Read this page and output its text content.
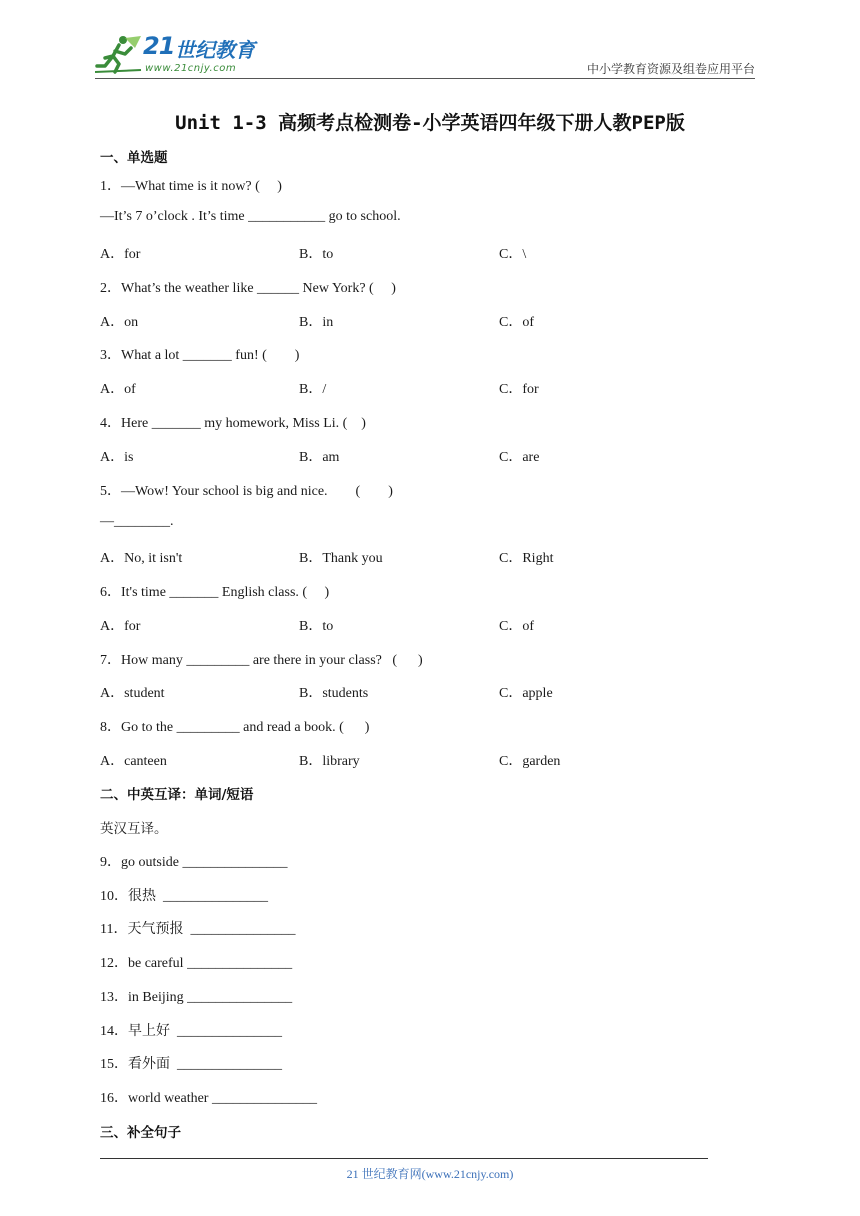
21 世纪教育
www.21cnjy.com	中小学教育资源及组卷应用平台
Unit 1-3 高频考点检测卷-小学英语四年级下册人教PEP版
一、单选题
1．—What time is it now? (     )
—It’s 7 o’clock . It’s time ___________ go to school.
A．for	B．to	C．\
2．What’s the weather like ______ New York? (     )
A．on	B．in	C．of
3．What a lot _______ fun! (        )
A．of	B．/	C．for
4．Here _______ my homework, Miss Li. (    )
A．is	B．am	C．are
5．—Wow! Your school is big and nice.        (        )
—________.
A．No, it isn't	B．Thank you	C．Right
6．It's time _______ English class. (     )
A．for	B．to	C．of
7．How many _________ are there in your class?   (      )
A．student	B．students	C．apple
8．Go to the _________ and read a book. (      )
A．canteen	B．library	C．garden
二、中英互译：单词/短语
英汉互译。
9．go outside _______________
10．很热  _______________
11．天气预报  _______________
12．be careful _______________
13．in Beijing _______________
14．早上好  _______________
15．看外面  _______________
16．world weather _______________
三、补全句子
21 世纪教育网(www.21cnjy.com)
